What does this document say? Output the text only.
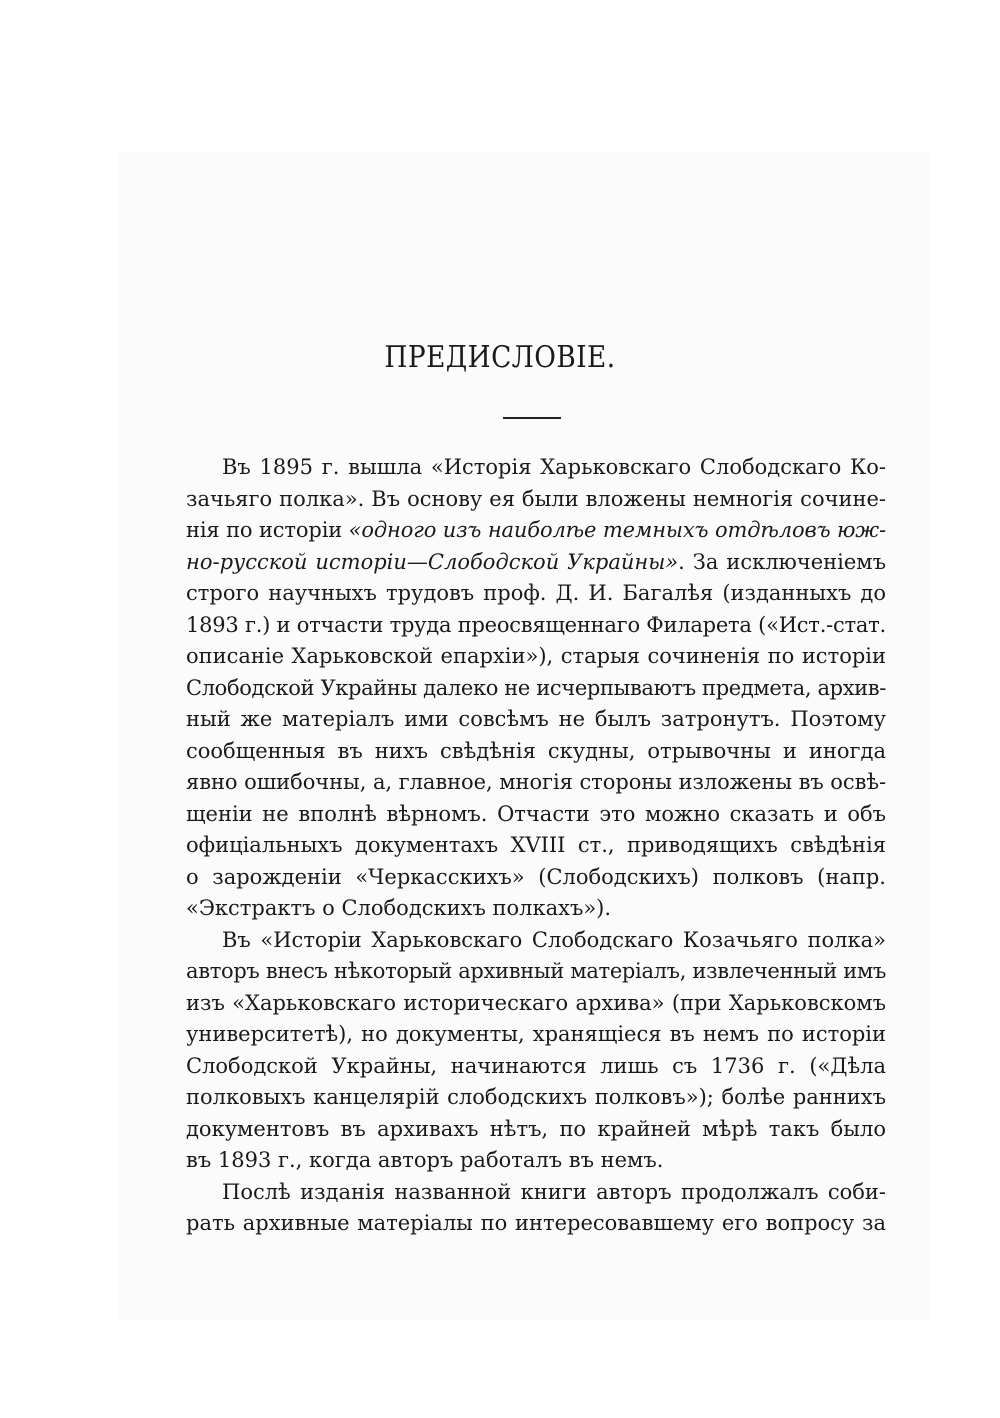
ПРЕДИСЛОВІЕ.
Въ 1895 г. вышла «Исторія Харьковскаго Слободскаго Ко-
зачьяго полка». Въ основу ея были вложены немногія сочине-
нія по исторіи «одного изъ наиболѣе темныхъ отдѣловъ юж-
но-русской исторіи—Слободской Украйны». За исключеніемъ
строго научныхъ трудовъ проф. Д. И. Багалѣя (изданныхъ до
1893 г.) и отчасти труда преосвященнаго Филарета («Ист.-стат.
описаніе Харьковской епархіи»), старыя сочиненія по исторіи
Слободской Украйны далеко не исчерпываютъ предмета, архив-
ный же матеріалъ ими совсѣмъ не былъ затронутъ. Поэтому
сообщенныя въ нихъ свѣдѣнія скудны, отрывочны и иногда
явно ошибочны, а, главное, многія стороны изложены въ освѣ-
щеніи не вполнѣ вѣрномъ. Отчасти это можно сказать и объ
офиціальныхъ документахъ XVIII ст., приводящихъ свѣдѣнія
о зарожденіи «Черкасскихъ» (Слободскихъ) полковъ (напр.
«Экстрактъ о Слободскихъ полкахъ»).
Въ «Исторіи Харьковскаго Слободскаго Козачьяго полка»
авторъ внесъ нѣкоторый архивный матеріалъ, извлеченный имъ
изъ «Харьковскаго историческаго архива» (при Харьковскомъ
университетѣ), но документы, хранящіеся въ немъ по исторіи
Слободской Украйны, начинаются лишь съ 1736 г. («Дѣла
полковыхъ канцелярій слободскихъ полковъ»); болѣе раннихъ
документовъ въ архивахъ нѣтъ, по крайней мѣрѣ такъ было
въ 1893 г., когда авторъ работалъ въ немъ.
Послѣ изданія названной книги авторъ продолжалъ соби-
рать архивные матеріалы по интересовавшему его вопросу за
